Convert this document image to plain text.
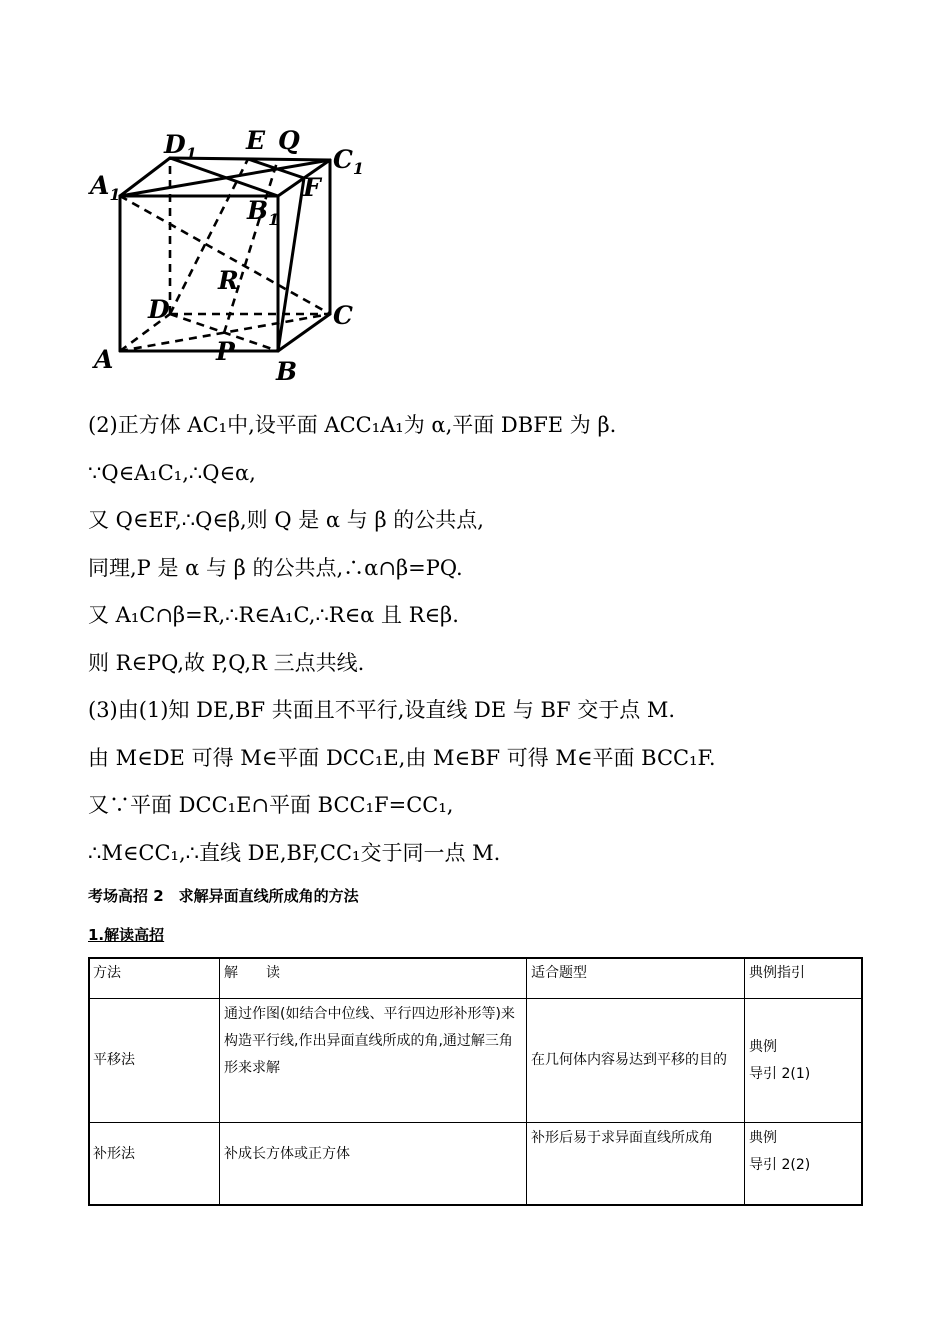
$D_1$ E Q
$C_1$
$A_1$	F
$B_1$
R
D	C
A	P
B
(2)正方体 AC₁中,设平面 ACC₁A₁为 α,平面 DBFE 为 β.
∵Q∈A₁C₁,∴Q∈α,
又 Q∈EF,∴Q∈β,则 Q 是 α 与 β 的公共点,
同理,P 是 α 与 β 的公共点,∴α∩β=PQ.
又 A₁C∩β=R,∴R∈A₁C,∴R∈α 且 R∈β.
则 R∈PQ,故 P,Q,R 三点共线.
(3)由(1)知 DE,BF 共面且不平行,设直线 DE 与 BF 交于点 M.
由 M∈DE 可得 M∈平面 DCC₁E,由 M∈BF 可得 M∈平面 BCC₁F.
又∵平面 DCC₁E∩平面 BCC₁F=CC₁,
∴M∈CC₁,∴直线 DE,BF,CC₁交于同一点 M.
考场高招 2　求解异面直线所成角的方法
1.解读高招
方法	解　　读	适合题型	典例指引
平移法	通过作图(如结合中位线、平行四边形补形等)来构造平行线,作出异面直线所成的角,通过解三角形来求解	在几何体内容易达到平移的目的	典例
导引 2(1)

补形法	补成长方体或正方体	补形后易于求异面直线所成角	典例
导引 2(2)
